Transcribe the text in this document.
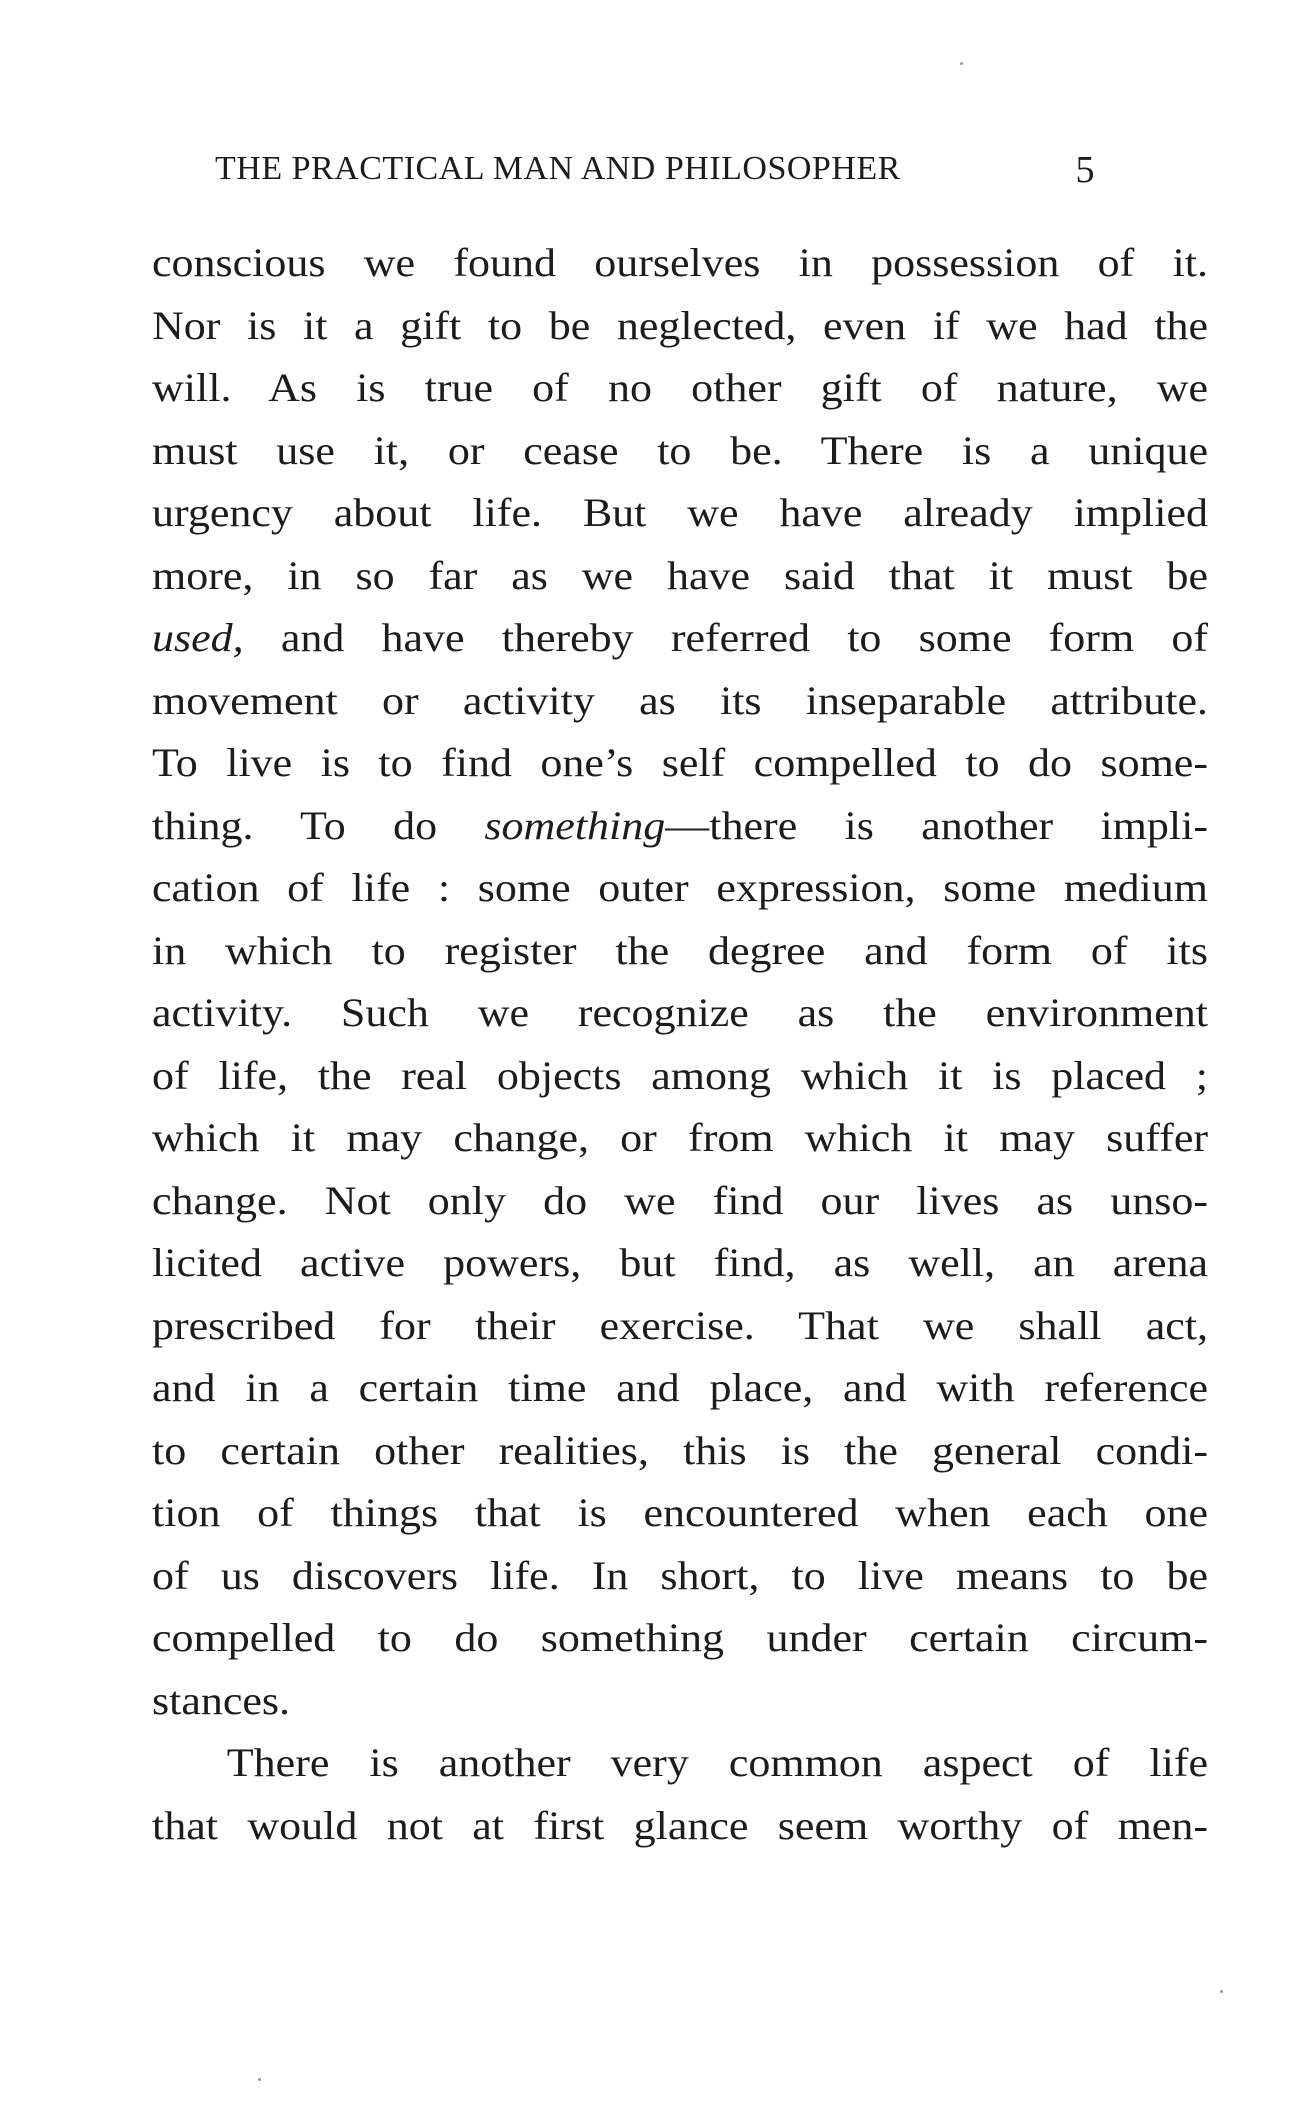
THE PRACTICAL MAN AND PHILOSOPHER	5
conscious we found ourselves in possession of it.
Nor is it a gift to be neglected, even if we had the
will. As is true of no other gift of nature, we
must use it, or cease to be. There is a unique
urgency about life. But we have already implied
more, in so far as we have said that it must be
used, and have thereby referred to some form of
movement or activity as its inseparable attribute.
To live is to find one’s self compelled to do some-
thing. To do something—there is another impli-
cation of life : some outer expression, some medium
in which to register the degree and form of its
activity. Such we recognize as the environment
of life, the real objects among which it is placed ;
which it may change, or from which it may suffer
change. Not only do we find our lives as unso-
licited active powers, but find, as well, an arena
prescribed for their exercise. That we shall act,
and in a certain time and place, and with reference
to certain other realities, this is the general condi-
tion of things that is encountered when each one
of us discovers life. In short, to live means to be
compelled to do something under certain circum-
stances.
There is another very common aspect of life
that would not at first glance seem worthy of men-
